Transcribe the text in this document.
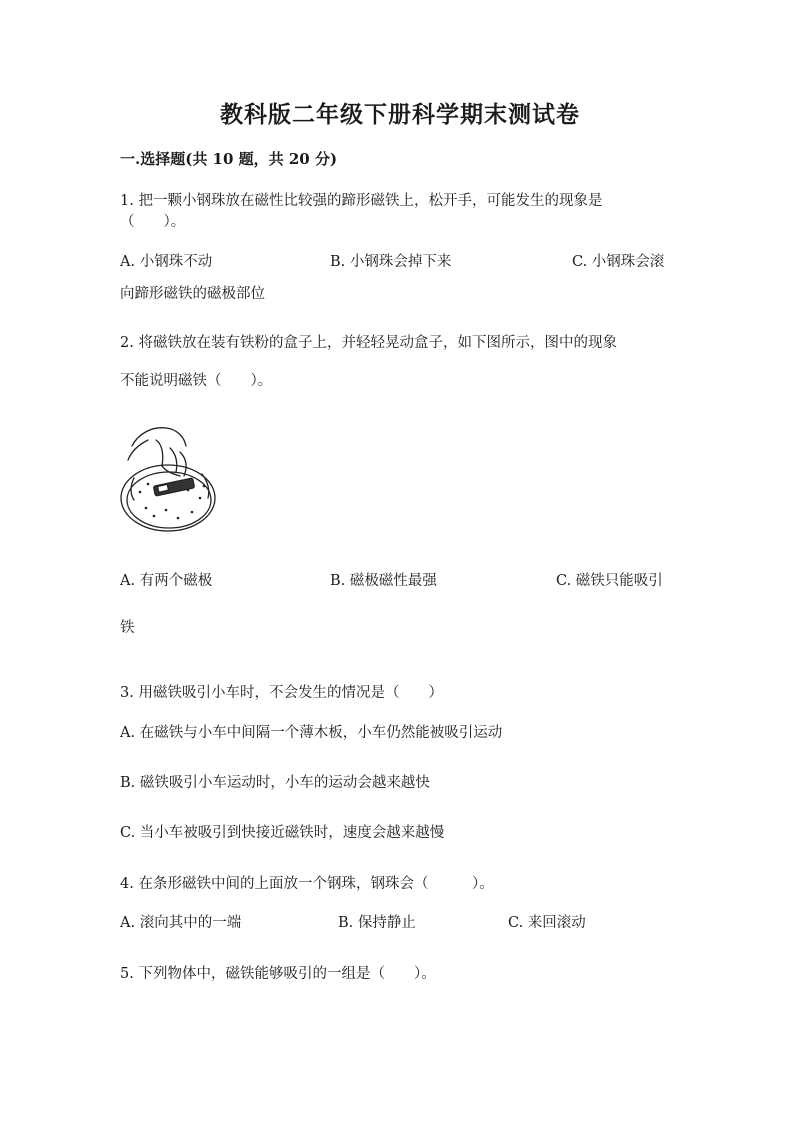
教科版二年级下册科学期末测试卷
一.选择题(共 10 题，共 20 分)
1. 把一颗小钢珠放在磁性比较强的蹄形磁铁上，松开手，可能发生的现象是
（　　）。
A. 小钢珠不动	B. 小钢珠会掉下来	C. 小钢珠会滚
向蹄形磁铁的磁极部位
2. 将磁铁放在装有铁粉的盒子上，并轻轻晃动盒子，如下图所示，图中的现象
不能说明磁铁（　　）。
A. 有两个磁极	B. 磁极磁性最强	C. 磁铁只能吸引
铁
3. 用磁铁吸引小车时，不会发生的情况是（　　）
A. 在磁铁与小车中间隔一个薄木板，小车仍然能被吸引运动
B. 磁铁吸引小车运动时，小车的运动会越来越快
C. 当小车被吸引到快接近磁铁时，速度会越来越慢
4. 在条形磁铁中间的上面放一个钢珠，钢珠会（　　　）。
A. 滚向其中的一端	B. 保持静止	C. 来回滚动
5. 下列物体中，磁铁能够吸引的一组是（　　）。
